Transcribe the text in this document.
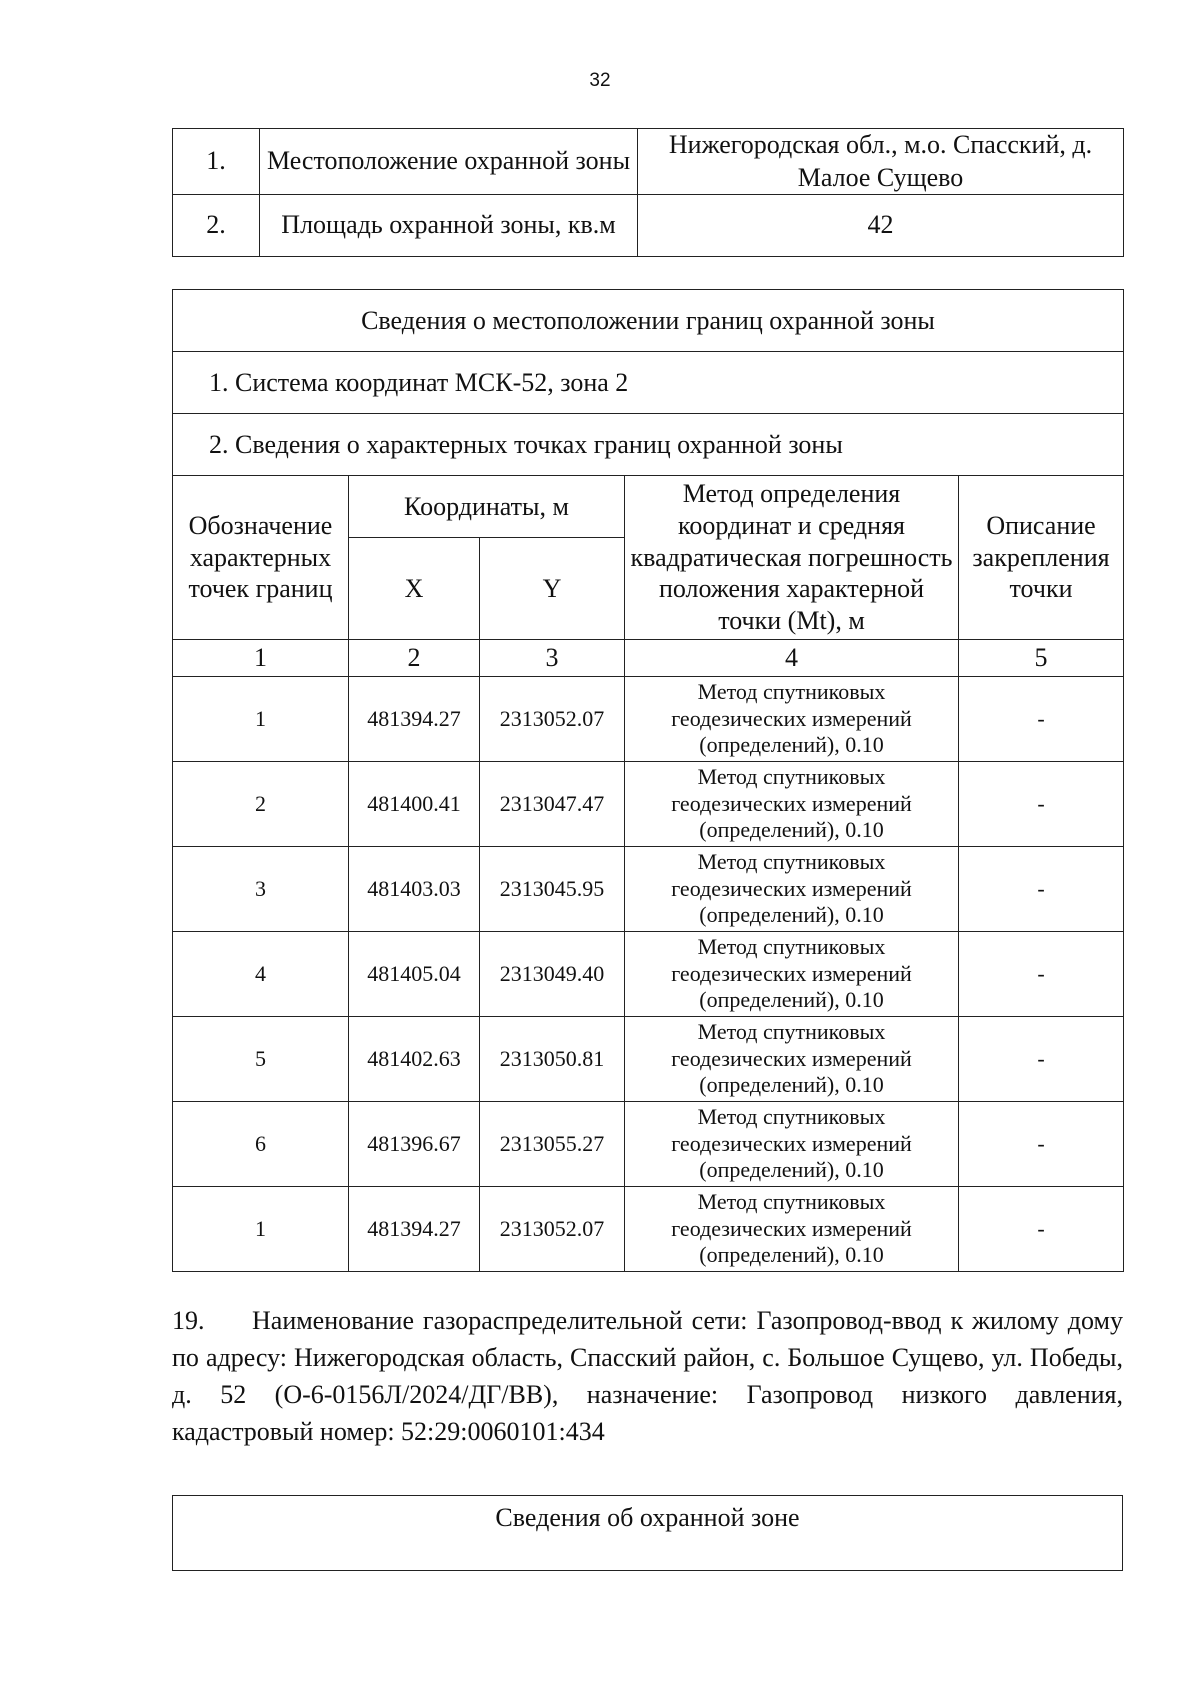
32
1.	Местоположение охранной зоны	Нижегородская обл., м.о. Спасский, д. Малое Сущево
2.	Площадь охранной зоны, кв.м	42
Сведения о местоположении границ охранной зоны				
1. Система координат МСК-52, зона 2				
2. Сведения о характерных точках границ охранной зоны				
Обозначение характерных точек границ	Координаты, м		Метод определения координат и средняя квадратическая погрешность положения характерной точки (Mt), м	Описание закрепления точки
	X	Y		
1	2	3	4	5
1	481394.27	2313052.07	Метод спутниковых геодезических измерений (определений), 0.10	-
2	481400.41	2313047.47	Метод спутниковых геодезических измерений (определений), 0.10	-
3	481403.03	2313045.95	Метод спутниковых геодезических измерений (определений), 0.10	-
4	481405.04	2313049.40	Метод спутниковых геодезических измерений (определений), 0.10	-
5	481402.63	2313050.81	Метод спутниковых геодезических измерений (определений), 0.10	-
6	481396.67	2313055.27	Метод спутниковых геодезических измерений (определений), 0.10	-
1	481394.27	2313052.07	Метод спутниковых геодезических измерений (определений), 0.10	-

19. Наименование газораспределительной сети: Газопровод-ввод к жилому дому по адресу: Нижегородская область, Спасский район, с. Большое Сущево, ул. Победы, д. 52 (О-6-0156Л/2024/ДГ/ВВ), назначение: Газопровод низкого давления, кадастровый номер: 52:29:0060101:434

Сведения об охранной зоне
